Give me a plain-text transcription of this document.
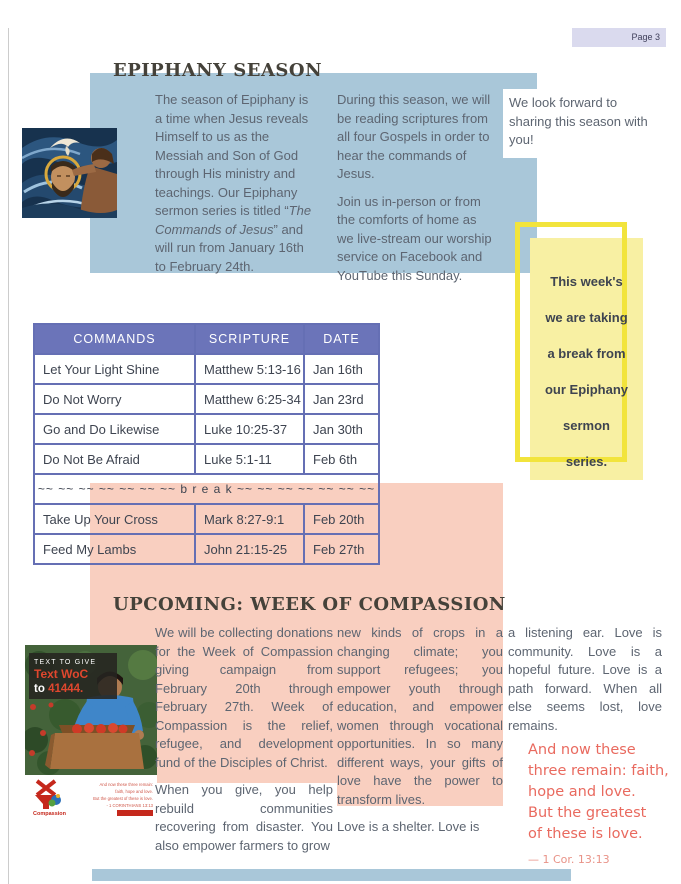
Page 3
EPIPHANY SEASON
The season of Epiphany is a time when Jesus reveals Himself to us as the Messiah and Son of God through His ministry and teachings. Our Epiphany sermon series is titled “The Commands of Jesus” and will run from January 16th to February 24th.
During this season, we will be reading scriptures from all four Gospels in order to hear the commands of Jesus.
Join us in-person or from the comforts of home as we live-stream our worship service on Facebook and YouTube this Sunday.
We look forward to sharing this season with you!
This week's
we are taking
a break from
our Epiphany
sermon
series.
COMMANDS	SCRIPTURE	DATE
Let Your Light Shine	Matthew 5:13-16	Jan 16th
Do Not Worry	Matthew 6:25-34	Jan 23rd
Go and Do Likewise	Luke 10:25-37	Jan 30th
Do Not Be Afraid	Luke 5:1-11	Feb 6th
~~ ~~ ~~ ~~ ~~ ~~ ~~ b r e a k ~~ ~~ ~~ ~~ ~~ ~~ ~~		
Take Up Your Cross	Mark 8:27-9:1	Feb 20th
Feed My Lambs	John 21:15-25	Feb 27th
UPCOMING: WEEK OF COMPASSION
TEXT TO GIVE
Text WoC
to 41444.
Compassion
And now these three remain:
faith, hope and love.
But the greatest of these is love.
- 1 CORINTHIANS 13:13
We will be collecting donations for the Week of Compassion giving campaign from February 20th through February 27th. Week of Compassion is the relief, refugee, and development fund of the Disciples of Christ.
When you give, you help rebuild communities recovering from disaster. You also empower farmers to grow
new kinds of crops in a changing climate; you support refugees; you empower youth through education, and empower women through vocational opportunities. In so many different ways, your gifts of love have the power to transform lives.
Love is a shelter. Love is
a listening ear. Love is community. Love is a hopeful future. Love is a path forward. When all else seems lost, love remains.
And now these
three remain: faith,
hope and love.
But the greatest
of these is love.
— 1 Cor. 13:13
